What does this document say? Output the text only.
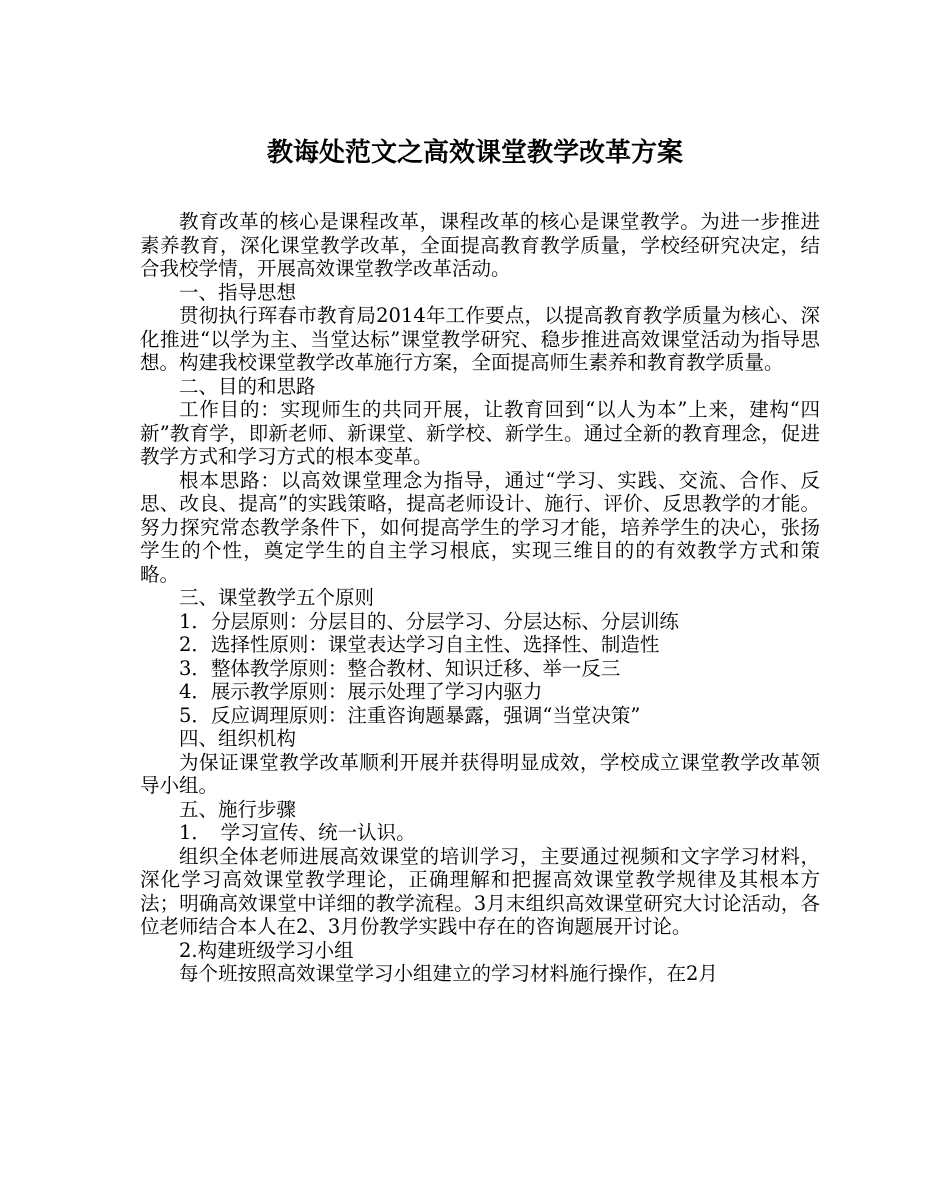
教诲处范文之高效课堂教学改革方案

教育改革的核心是课程改革，课程改革的核心是课堂教学。为进一步推进素养教育，深化课堂教学改革，全面提高教育教学质量，学校经研究决定，结合我校学情，开展高效课堂教学改革活动。

一、指导思想

贯彻执行珲春市教育局2014年工作要点，以提高教育教学质量为核心、深化推进“以学为主、当堂达标”课堂教学研究、稳步推进高效课堂活动为指导思想。构建我校课堂教学改革施行方案，全面提高师生素养和教育教学质量。

二、目的和思路

工作目的：实现师生的共同开展，让教育回到“以人为本”上来，建构“四新”教育学，即新老师、新课堂、新学校、新学生。通过全新的教育理念，促进教学方式和学习方式的根本变革。

根本思路：以高效课堂理念为指导，通过“学习、实践、交流、合作、反思、改良、提高”的实践策略，提高老师设计、施行、评价、反思教学的才能。努力探究常态教学条件下，如何提高学生的学习才能，培养学生的决心，张扬学生的个性，奠定学生的自主学习根底，实现三维目的的有效教学方式和策略。

三、课堂教学五个原则

1．分层原则：分层目的、分层学习、分层达标、分层训练

2．选择性原则：课堂表达学习自主性、选择性、制造性

3．整体教学原则：整合教材、知识迁移、举一反三

4．展示教学原则：展示处理了学习内驱力

5．反应调理原则：注重咨询题暴露，强调“当堂决策”

四、组织机构

为保证课堂教学改革顺利开展并获得明显成效，学校成立课堂教学改革领导小组。

五、施行步骤

1．　学习宣传、统一认识。

组织全体老师进展高效课堂的培训学习，主要通过视频和文字学习材料，深化学习高效课堂教学理论，正确理解和把握高效课堂教学规律及其根本方法；明确高效课堂中详细的教学流程。3月末组织高效课堂研究大讨论活动，各位老师结合本人在2、3月份教学实践中存在的咨询题展开讨论。

2.构建班级学习小组

每个班按照高效课堂学习小组建立的学习材料施行操作，在2月
